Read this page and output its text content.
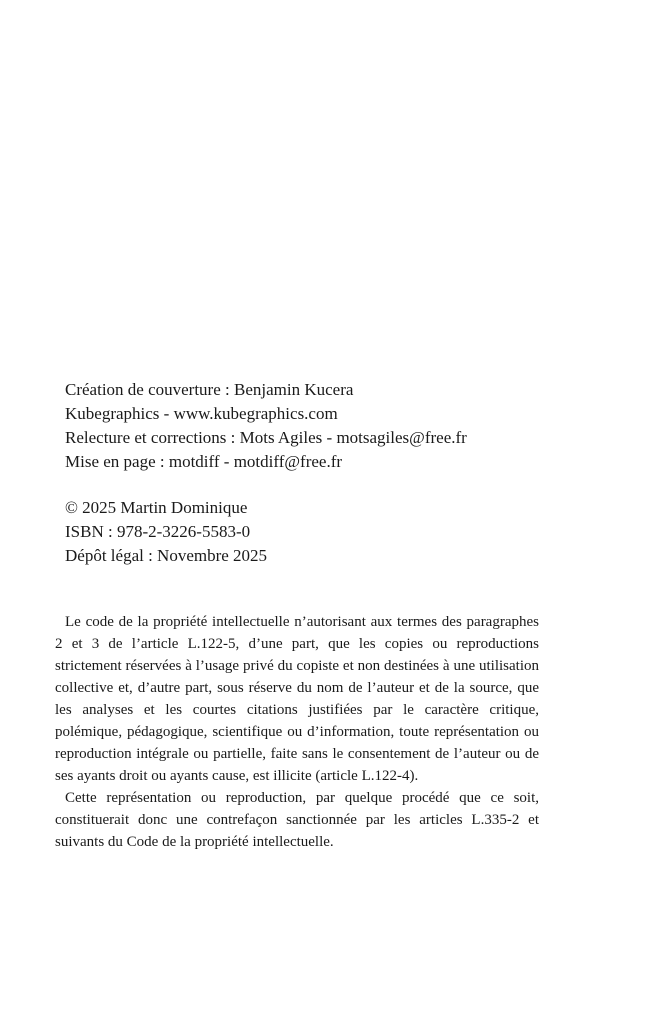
Création de couverture : Benjamin Kucera
Kubegraphics - www.kubegraphics.com
Relecture et corrections : Mots Agiles - motsagiles@free.fr
Mise en page : motdiff - motdiff@free.fr
© 2025 Martin Dominique
ISBN : 978-2-3226-5583-0
Dépôt légal : Novembre 2025

Le code de la propriété intellectuelle n’autorisant aux termes des paragraphes 2 et 3 de l’article L.122-5, d’une part, que les copies ou reproductions strictement réservées à l’usage privé du copiste et non destinées à une utilisation collective et, d’autre part, sous réserve du nom de l’auteur et de la source, que les analyses et les courtes citations justifiées par le caractère critique, polémique, pédagogique, scientifique ou d’information, toute représentation ou reproduction intégrale ou partielle, faite sans le consentement de l’auteur ou de ses ayants droit ou ayants cause, est illicite (article L.122-4).

Cette représentation ou reproduction, par quelque procédé que ce soit, constituerait donc une contrefaçon sanctionnée par les articles L.335-2 et suivants du Code de la propriété intellectuelle.
